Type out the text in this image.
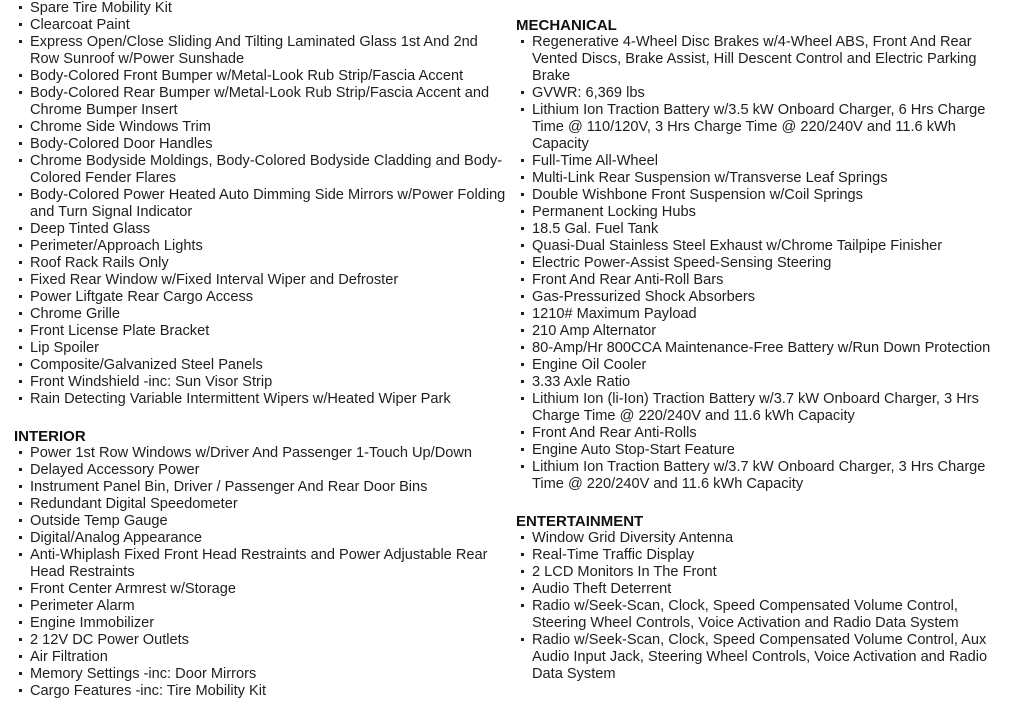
Spare Tire Mobility Kit
Clearcoat Paint
Express Open/Close Sliding And Tilting Laminated Glass 1st And 2nd Row Sunroof w/Power Sunshade
Body-Colored Front Bumper w/Metal-Look Rub Strip/Fascia Accent
Body-Colored Rear Bumper w/Metal-Look Rub Strip/Fascia Accent and Chrome Bumper Insert
Chrome Side Windows Trim
Body-Colored Door Handles
Chrome Bodyside Moldings, Body-Colored Bodyside Cladding and Body-Colored Fender Flares
Body-Colored Power Heated Auto Dimming Side Mirrors w/Power Folding and Turn Signal Indicator
Deep Tinted Glass
Perimeter/Approach Lights
Roof Rack Rails Only
Fixed Rear Window w/Fixed Interval Wiper and Defroster
Power Liftgate Rear Cargo Access
Chrome Grille
Front License Plate Bracket
Lip Spoiler
Composite/Galvanized Steel Panels
Front Windshield -inc: Sun Visor Strip
Rain Detecting Variable Intermittent Wipers w/Heated Wiper Park
INTERIOR
Power 1st Row Windows w/Driver And Passenger 1-Touch Up/Down
Delayed Accessory Power
Instrument Panel Bin, Driver / Passenger And Rear Door Bins
Redundant Digital Speedometer
Outside Temp Gauge
Digital/Analog Appearance
Anti-Whiplash Fixed Front Head Restraints and Power Adjustable Rear Head Restraints
Front Center Armrest w/Storage
Perimeter Alarm
Engine Immobilizer
2 12V DC Power Outlets
Air Filtration
Memory Settings -inc: Door Mirrors
Cargo Features -inc: Tire Mobility Kit
MECHANICAL
Regenerative 4-Wheel Disc Brakes w/4-Wheel ABS, Front And Rear Vented Discs, Brake Assist, Hill Descent Control and Electric Parking Brake
GVWR: 6,369 lbs
Lithium Ion Traction Battery w/3.5 kW Onboard Charger, 6 Hrs Charge Time @ 110/120V, 3 Hrs Charge Time @ 220/240V and 11.6 kWh Capacity
Full-Time All-Wheel
Multi-Link Rear Suspension w/Transverse Leaf Springs
Double Wishbone Front Suspension w/Coil Springs
Permanent Locking Hubs
18.5 Gal. Fuel Tank
Quasi-Dual Stainless Steel Exhaust w/Chrome Tailpipe Finisher
Electric Power-Assist Speed-Sensing Steering
Front And Rear Anti-Roll Bars
Gas-Pressurized Shock Absorbers
1210# Maximum Payload
210 Amp Alternator
80-Amp/Hr 800CCA Maintenance-Free Battery w/Run Down Protection
Engine Oil Cooler
3.33 Axle Ratio
Lithium Ion (li-Ion) Traction Battery w/3.7 kW Onboard Charger, 3 Hrs Charge Time @ 220/240V and 11.6 kWh Capacity
Front And Rear Anti-Rolls
Engine Auto Stop-Start Feature
Lithium Ion Traction Battery w/3.7 kW Onboard Charger, 3 Hrs Charge Time @ 220/240V and 11.6 kWh Capacity
ENTERTAINMENT
Window Grid Diversity Antenna
Real-Time Traffic Display
2 LCD Monitors In The Front
Audio Theft Deterrent
Radio w/Seek-Scan, Clock, Speed Compensated Volume Control, Steering Wheel Controls, Voice Activation and Radio Data System
Radio w/Seek-Scan, Clock, Speed Compensated Volume Control, Aux Audio Input Jack, Steering Wheel Controls, Voice Activation and Radio Data System
